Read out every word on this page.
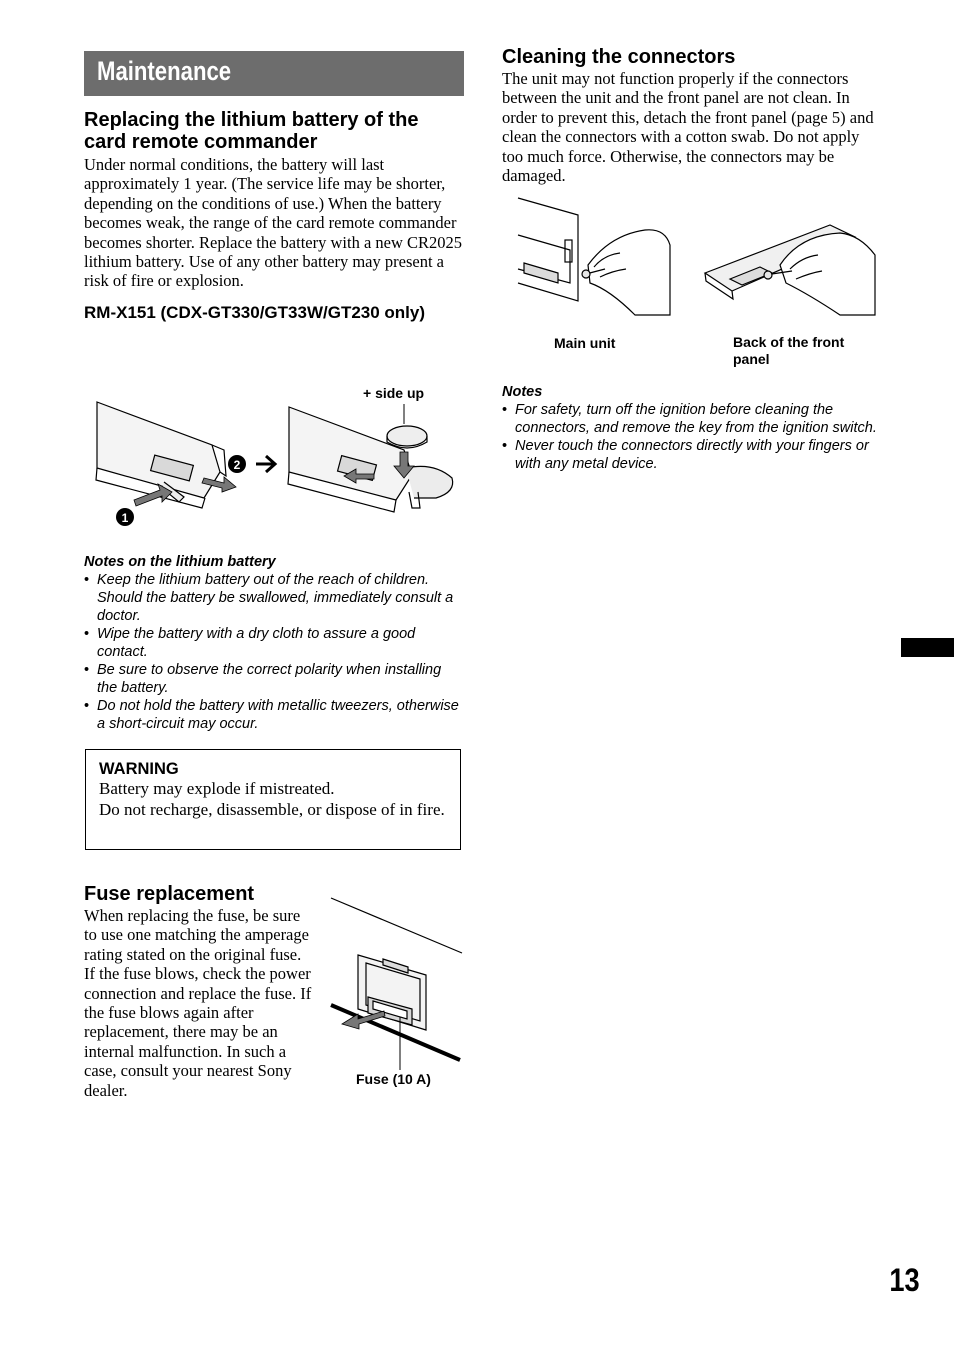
Maintenance
Replacing the lithium battery of the card remote commander

Under normal conditions, the battery will last approximately 1 year. (The service life may be shorter, depending on the conditions of use.) When the battery becomes weak, the range of the card remote commander becomes shorter. Replace the battery with a new CR2025 lithium battery. Use of any other battery may present a risk of fire or explosion.

RM-X151 (CDX-GT330/GT33W/GT230 only)
2
1
+ side up

Notes on the lithium battery

• Keep the lithium battery out of the reach of children. Should the battery be swallowed, immediately consult a doctor.
• Wipe the battery with a dry cloth to assure a good contact.
• Be sure to observe the correct polarity when installing the battery.
• Do not hold the battery with metallic tweezers, otherwise a short-circuit may occur.
WARNING
Battery may explode if mistreated.
Do not recharge, disassemble, or dispose of in fire.
Fuse replacement

When replacing the fuse, be sure to use one matching the amperage rating stated on the original fuse. If the fuse blows, check the power connection and replace the fuse. If the fuse blows again after replacement, there may be an internal malfunction. In such a case, consult your nearest Sony dealer.

Fuse (10 A)
Cleaning the connectors

The unit may not function properly if the connectors between the unit and the front panel are not clean. In order to prevent this, detach the front panel (page 5) and clean the connectors with a cotton swab. Do not apply too much force. Otherwise, the connectors may be damaged.

Main unit	Back of the front panel

Notes

• For safety, turn off the ignition before cleaning the connectors, and remove the key from the ignition switch.
• Never touch the connectors directly with your fingers or with any metal device.
13
